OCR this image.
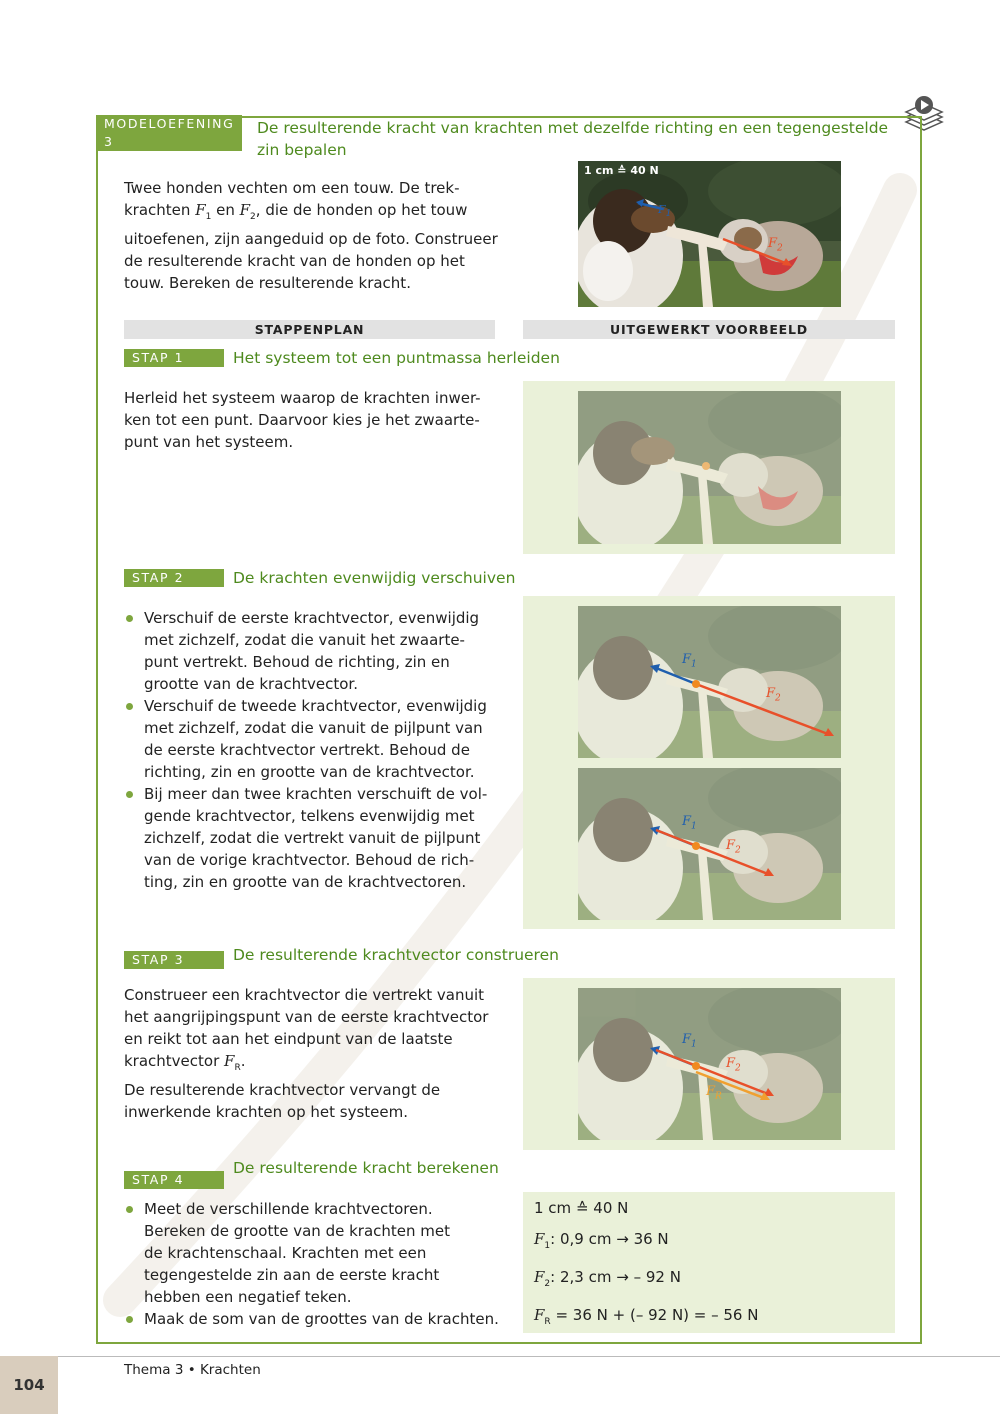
MODELOEFENING 3
De resulterende kracht van krachten met dezelfde richting en een tegengestelde zin bepalen
Twee honden vechten om een touw. De trek-
krachten $F_1$ en $F_2$, die de honden op het touw
uitoefenen, zijn aangeduid op de foto. Construeer
de resulterende kracht van de honden op het
touw. Bereken de resulterende kracht.
1 cm ≙ 40 N
$F_1$
$F_2$
STAPPENPLAN	UITGEWERKT VOORBEELD
STAP 1	Het systeem tot een puntmassa herleiden
Herleid het systeem waarop de krachten inwer-
ken tot een punt. Daarvoor kies je het zwaarte-
punt van het systeem.
STAP 2	De krachten evenwijdig verschuiven
Verschuif de eerste krachtvector, evenwijdig
met zichzelf, zodat die vanuit het zwaarte-
punt vertrekt. Behoud de richting, zin en
grootte van de krachtvector.
Verschuif de tweede krachtvector, evenwijdig
met zichzelf, zodat die vanuit de pijlpunt van
de eerste krachtvector vertrekt. Behoud de
richting, zin en grootte van de krachtvector.
Bij meer dan twee krachten verschuift de vol-
gende krachtvector, telkens evenwijdig met
zichzelf, zodat die vertrekt vanuit de pijlpunt
van de vorige krachtvector. Behoud de rich-
ting, zin en grootte van de krachtvectoren.
$F_1$
$F_2$
$F_1$
$F_2$
STAP 3	De resulterende krachtvector construeren
Construeer een krachtvector die vertrekt vanuit
het aangrijpingspunt van de eerste krachtvector
en reikt tot aan het eindpunt van de laatste
krachtvector $F_R$.
De resulterende krachtvector vervangt de
inwerkende krachten op het systeem.
$F_1$
$F_2$
$F_R$
STAP 4
De resulterende kracht berekenen
Meet de verschillende krachtvectoren.
Bereken de grootte van de krachten met
de krachtenschaal. Krachten met een
tegengestelde zin aan de eerste kracht
hebben een negatief teken.
Maak de som van de groottes van de krachten.
1 cm ≙ 40 N
$F_1$: 0,9 cm → 36 N
$F_2$: 2,3 cm → – 92 N
$F_R = 36$ N + (– 92 N) = – 56 N
104
Thema 3 • Krachten
